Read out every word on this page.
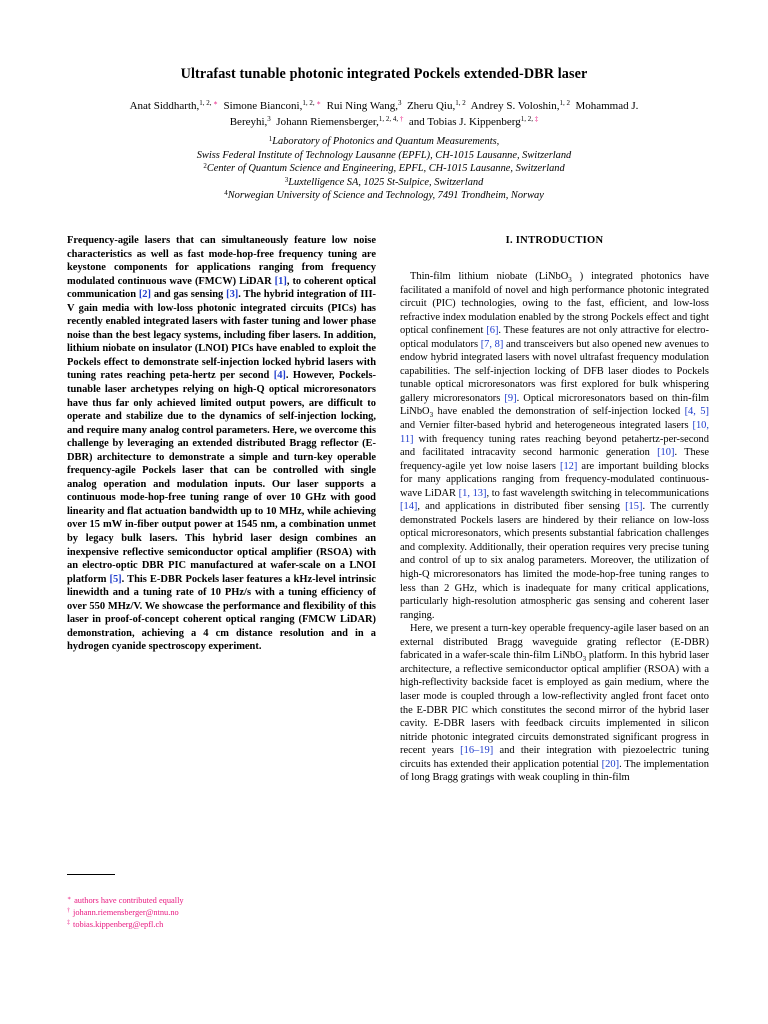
Ultrafast tunable photonic integrated Pockels extended-DBR laser
Anat Siddharth,$^{1, 2, ∗}$ Simone Bianconi,$^{1, 2, ∗}$ Rui Ning Wang,$^3$ Zheru Qiu,$^{1, 2}$ Andrey S. Voloshin,$^{1, 2}$ Mohammad J. Bereyhi,$^3$ Johann Riemensberger,$^{1, 2, 4, \dagger}$ and Tobias J. Kippenberg$^{1, 2, \ddagger}$
$^1$Laboratory of Photonics and Quantum Measurements,
Swiss Federal Institute of Technology Lausanne (EPFL), CH-1015 Lausanne, Switzerland
$^2$Center of Quantum Science and Engineering, EPFL, CH-1015 Lausanne, Switzerland
$^3$Luxtelligence SA, 1025 St-Sulpice, Switzerland
$^4$Norwegian University of Science and Technology, 7491 Trondheim, Norway
Frequency-agile lasers that can simultaneously feature low noise characteristics as well as fast mode-hop-free frequency tuning are keystone components for applications ranging from frequency modulated continuous wave (FMCW) LiDAR [1], to coherent optical communication [2] and gas sensing [3]. The hybrid integration of III-V gain media with low-loss photonic integrated circuits (PICs) has recently enabled integrated lasers with faster tuning and lower phase noise than the best legacy systems, including fiber lasers. In addition, lithium niobate on insulator (LNOI) PICs have enabled to exploit the Pockels effect to demonstrate self-injection locked hybrid lasers with tuning rates reaching peta-hertz per second [4]. However, Pockels-tunable laser archetypes relying on high-Q optical microresonators have thus far only achieved limited output powers, are difficult to operate and stabilize due to the dynamics of self-injection locking, and require many analog control parameters. Here, we overcome this challenge by leveraging an extended distributed Bragg reflector (E-DBR) architecture to demonstrate a simple and turn-key operable frequency-agile Pockels laser that can be controlled with single analog operation and modulation inputs. Our laser supports a continuous mode-hop-free tuning range of over 10 GHz with good linearity and flat actuation bandwidth up to 10 MHz, while achieving over 15 mW in-fiber output power at 1545 nm, a combination unmet by legacy bulk lasers. This hybrid laser design combines an inexpensive reflective semiconductor optical amplifier (RSOA) with an electro-optic DBR PIC manufactured at wafer-scale on a LNOI platform [5]. This E-DBR Pockels laser features a kHz-level intrinsic linewidth and a tuning rate of 10 PHz/s with a tuning efficiency of over 550 MHz/V. We showcase the performance and flexibility of this laser in proof-of-concept coherent optical ranging (FMCW LiDAR) demonstration, achieving a 4 cm distance resolution and in a hydrogen cyanide spectroscopy experiment.
I. INTRODUCTION

Thin-film lithium niobate (LiNbO$_3$ ) integrated photonics have facilitated a manifold of novel and high performance photonic integrated circuit (PIC) technologies, owing to the fast, efficient, and low-loss refractive index modulation enabled by the strong Pockels effect and tight optical confinement [6]. These features are not only attractive for electro-optical modulators [7, 8] and transceivers but also opened new avenues to endow hybrid integrated lasers with novel ultrafast frequency modulation capabilities. The self-injection locking of DFB laser diodes to Pockels tunable optical microresonators was first explored for bulk whispering gallery microresonators [9]. Optical microresonators based on thin-film LiNbO$_3$ have enabled the demonstration of self-injection locked [4, 5] and Vernier filter-based hybrid and heterogeneous integrated lasers [10, 11] with frequency tuning rates reaching beyond petahertz-per-second and facilitated intracavity second harmonic generation [10]. These frequency-agile yet low noise lasers [12] are important building blocks for many applications ranging from frequency-modulated continuous-wave LiDAR [1, 13], to fast wavelength switching in telecommunications [14], and applications in distributed fiber sensing [15]. The currently demonstrated Pockels lasers are hindered by their reliance on low-loss optical microresonators, which presents substantial fabrication challenges and complexity. Additionally, their operation requires very precise tuning and control of up to six analog parameters. Moreover, the utilization of high-Q microresonators has limited the mode-hop-free tuning ranges to less than 2 GHz, which is inadequate for many critical applications, particularly high-resolution atmospheric gas sensing and coherent laser ranging.

Here, we present a turn-key operable frequency-agile laser based on an external distributed Bragg waveguide grating reflector (E-DBR) fabricated in a wafer-scale thin-film LiNbO$_3$ platform. In this hybrid laser architecture, a reflective semiconductor optical amplifier (RSOA) with a high-reflectivity backside facet is employed as gain medium, where the laser mode is coupled through a low-reflectivity angled front facet onto the E-DBR PIC which constitutes the second mirror of the hybrid laser cavity. E-DBR lasers with feedback circuits implemented in silicon nitride photonic integrated circuits demonstrated significant progress in recent years [16–19] and their integration with piezoelectric tuning circuits has extended their application potential [20]. The implementation of long Bragg gratings with weak coupling in thin-film

∗ authors have contributed equally
† johann.riemensberger@ntnu.no
‡ tobias.kippenberg@epfl.ch
